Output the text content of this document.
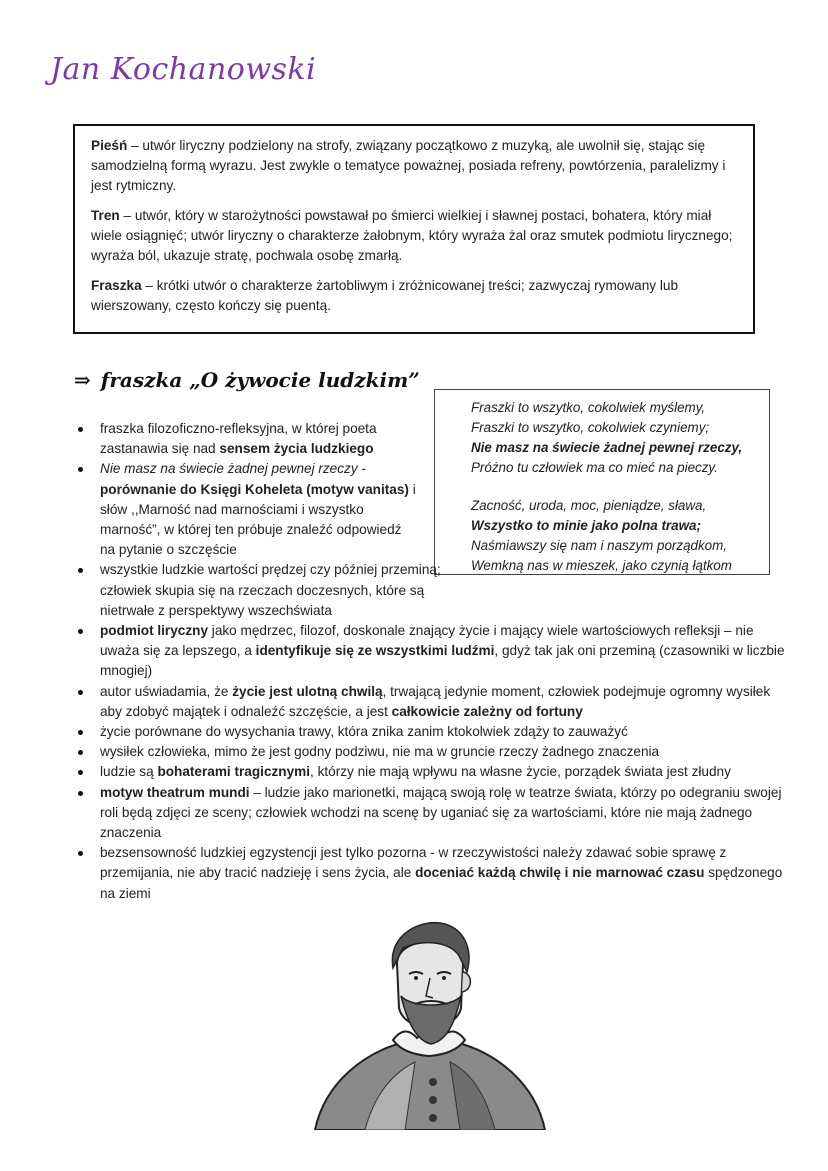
Jan Kochanowski

Pieśń – utwór liryczny podzielony na strofy, związany początkowo z muzyką, ale uwolnił się, stając się samodzielną formą wyrazu. Jest zwykle o tematyce poważnej, posiada refreny, powtórzenia, paralelizmy i jest rytmiczny.

Tren – utwór, który w starożytności powstawał po śmierci wielkiej i sławnej postaci, bohatera, który miał wiele osiągnięć; utwór liryczny o charakterze żałobnym, który wyraża żal oraz smutek podmiotu lirycznego; wyraża ból, ukazuje stratę, pochwala osobę zmarłą.

Fraszka – krótki utwór o charakterze żartobliwym i zróżnicowanej treści; zazwyczaj rymowany lub wierszowany, często kończy się puentą.

⇒ fraszka „O żywocie ludzkim”
Fraszki to wszytko, cokolwiek myślemy,
Fraszki to wszytko, cokolwiek czyniemy;
Nie masz na świecie żadnej pewnej rzeczy,
Próżno tu człowiek ma co mieć na pieczy.
Zacność, uroda, moc, pieniądze, sława,
Wszystko to minie jako polna trawa;
Naśmiawszy się nam i naszym porządkom,
Wemkną nas w mieszek, jako czynią łątkom
fraszka filozoficzno-refleksyjna, w której poeta zastanawia się nad sensem życia ludzkiego
Nie masz na świecie żadnej pewnej rzeczy -
porównanie do Księgi Koheleta (motyw vanitas) i słów ,,Marność nad marnościami i wszystko marność”, w której ten próbuje znaleźć odpowiedź na pytanie o szczęście
wszystkie ludzkie wartości prędzej czy później przeminą; człowiek skupia się na rzeczach doczesnych, które są nietrwałe z perspektywy wszechświata
podmiot liryczny jako mędrzec, filozof, doskonale znający życie i mający wiele wartościowych refleksji – nie uważa się za lepszego, a identyfikuje się ze wszystkimi ludźmi, gdyż tak jak oni przeminą (czasowniki w liczbie mnogiej)
autor uświadamia, że życie jest ulotną chwilą, trwającą jedynie moment, człowiek podejmuje ogromny wysiłek aby zdobyć majątek i odnaleźć szczęście, a jest całkowicie zależny od fortuny
życie porównane do wysychania trawy, która znika zanim ktokolwiek zdąży to zauważyć
wysiłek człowieka, mimo że jest godny podziwu, nie ma w gruncie rzeczy żadnego znaczenia
ludzie są bohaterami tragicznymi, którzy nie mają wpływu na własne życie, porządek świata jest złudny
motyw theatrum mundi – ludzie jako marionetki, mającą swoją rolę w teatrze świata, którzy po odegraniu swojej roli będą zdjęci ze sceny; człowiek wchodzi na scenę by uganiać się za wartościami, które nie mają żadnego znaczenia
bezsensowność ludzkiej egzystencji jest tylko pozorna - w rzeczywistości należy zdawać sobie sprawę z przemijania, nie aby tracić nadzieję i sens życia, ale doceniać każdą chwilę i nie marnować czasu spędzonego na ziemi
